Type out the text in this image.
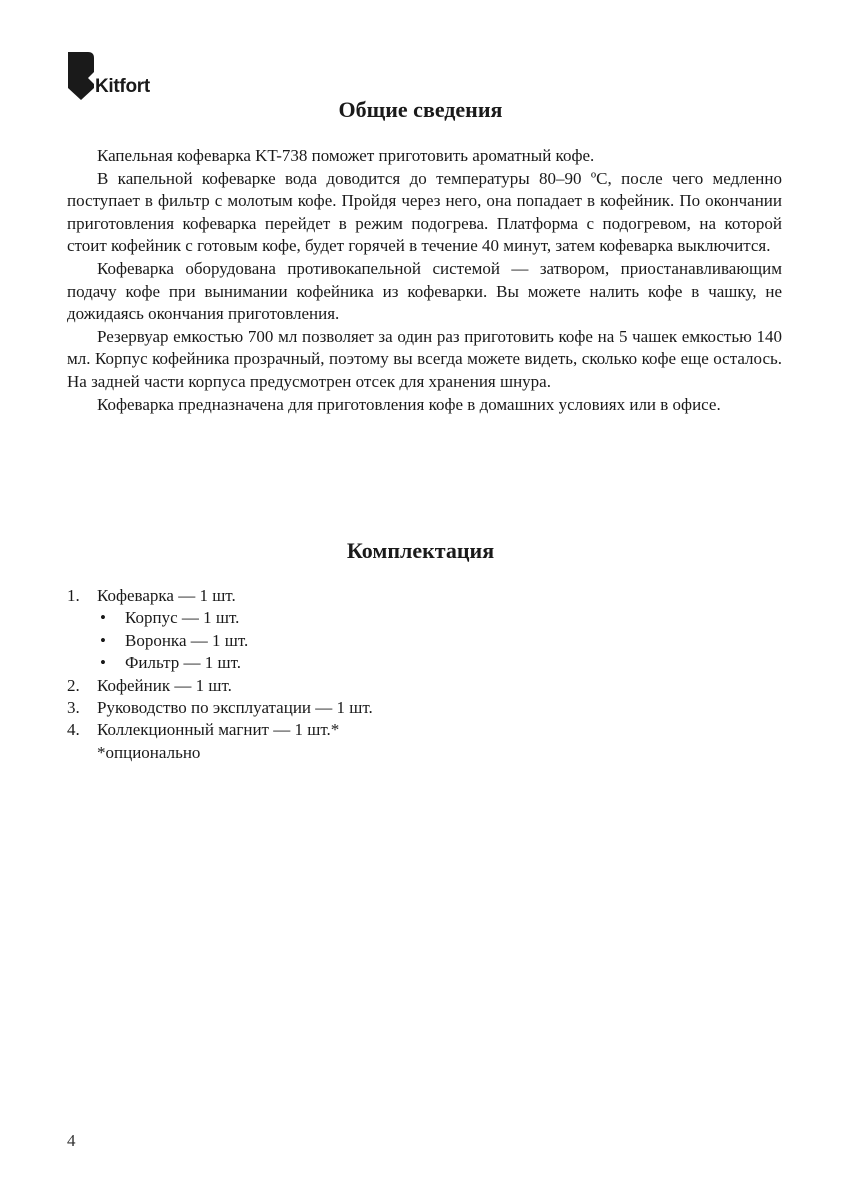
Kitfort
Общие сведения

Капельная кофеварка KT-738 поможет приготовить ароматный кофе.

В капельной кофеварке вода доводится до температуры 80–90 ºС, после чего медленно поступает в фильтр с молотым кофе. Пройдя через него, она попадает в кофейник. По окончании приготовления кофеварка перейдет в режим подогрева. Платформа с подогревом, на которой стоит кофейник с готовым кофе, будет горячей в течение 40 минут, затем кофеварка выключится.

Кофеварка оборудована противокапельной системой — затвором, приостанавливающим подачу кофе при вынимании кофейника из кофеварки. Вы можете налить кофе в чашку, не дожидаясь окончания приготовления.

Резервуар емкостью 700 мл позволяет за один раз приготовить кофе на 5 чашек емкостью 140 мл. Корпус кофейника прозрачный, поэтому вы всегда можете видеть, сколько кофе еще осталось. На задней части корпуса предусмотрен отсек для хранения шнура.

Кофеварка предназначена для приготовления кофе в домашних условиях или в офисе.

Комплектация
1. Кофеварка — 1 шт.
• Корпус — 1 шт.
• Воронка — 1 шт.
• Фильтр — 1 шт.
2. Кофейник — 1 шт.
3. Руководство по эксплуатации — 1 шт.
4. Коллекционный магнит — 1 шт.*
*опционально
4
